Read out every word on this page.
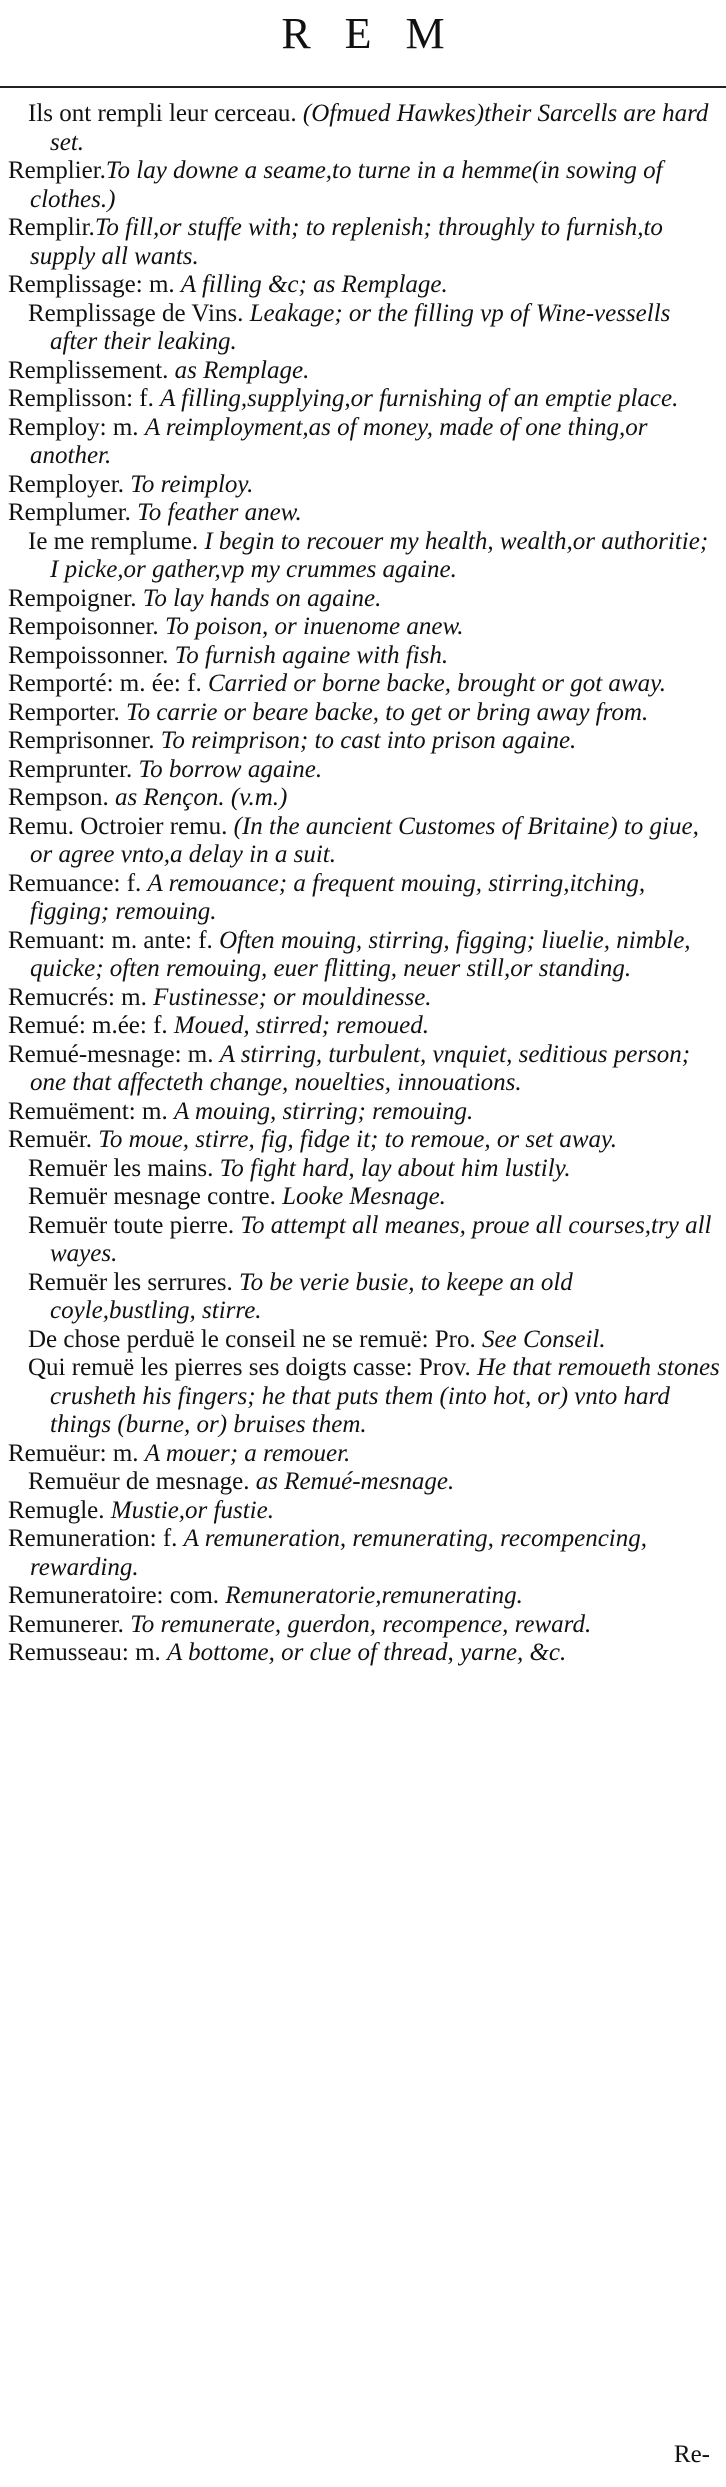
REM

Ils ont rempli leur cerceau. (Ofmued Hawkes)their Sarcells are hard set.

Remplier.To lay downe a seame,to turne in a hemme(in sowing of clothes.)

Remplir.To fill,or stuffe with; to replenish; throughly to furnish,to supply all wants.

Remplissage: m. A filling &c; as Remplage.

Remplissage de Vins. Leakage; or the filling vp of Wine-vessells after their leaking.

Remplissement. as Remplage.

Remplisson: f. A filling,supplying,or furnishing of an emptie place.

Remploy: m. A reimployment,as of money, made of one thing,or another.

Remployer. To reimploy.

Remplumer. To feather anew.

Ie me remplume. I begin to recouer my health, wealth,or authoritie; I picke,or gather,vp my crummes againe.

Rempoigner. To lay hands on againe.

Rempoisonner. To poison, or inuenome anew.

Rempoissonner. To furnish againe with fish.

Remporté: m. ée: f. Carried or borne backe, brought or got away.

Remporter. To carrie or beare backe, to get or bring away from.

Remprisonner. To reimprison; to cast into prison againe.

Remprunter. To borrow againe.

Rempson. as Rençon. (v.m.)

Remu. Octroier remu. (In the auncient Customes of Britaine) to giue, or agree vnto,a delay in a suit.

Remuance: f. A remouance; a frequent mouing, stirring,itching, figging; remouing.

Remuant: m. ante: f. Often mouing, stirring, figging; liuelie, nimble, quicke; often remouing, euer flitting, neuer still,or standing.

Remucrés: m. Fustinesse; or mouldinesse.

Remué: m.ée: f. Moued, stirred; remoued.

Remué-mesnage: m. A stirring, turbulent, vnquiet, seditious person; one that affecteth change, nouelties, innouations.

Remuëment: m. A mouing, stirring; remouing.

Remuër. To moue, stirre, fig, fidge it; to remoue, or set away.

Remuër les mains. To fight hard, lay about him lustily.

Remuër mesnage contre. Looke Mesnage.

Remuër toute pierre. To attempt all meanes, proue all courses,try all wayes.

Remuër les serrures. To be verie busie, to keepe an old coyle,bustling, stirre.

De chose perduë le conseil ne se remuë: Pro. See Conseil.

Qui remuë les pierres ses doigts casse: Prov. He that remoueth stones crusheth his fingers; he that puts them (into hot, or) vnto hard things (burne, or) bruises them.

Remuëur: m. A mouer; a remouer.

Remuëur de mesnage. as Remué-mesnage.

Remugle. Mustie,or fustie.

Remuneration: f. A remuneration, remunerating, recompencing, rewarding.

Remuneratoire: com. Remuneratorie,remunerating.

Remunerer. To remunerate, guerdon, recompence, reward.

Remusseau: m. A bottome, or clue of thread, yarne, &c.

Re-
